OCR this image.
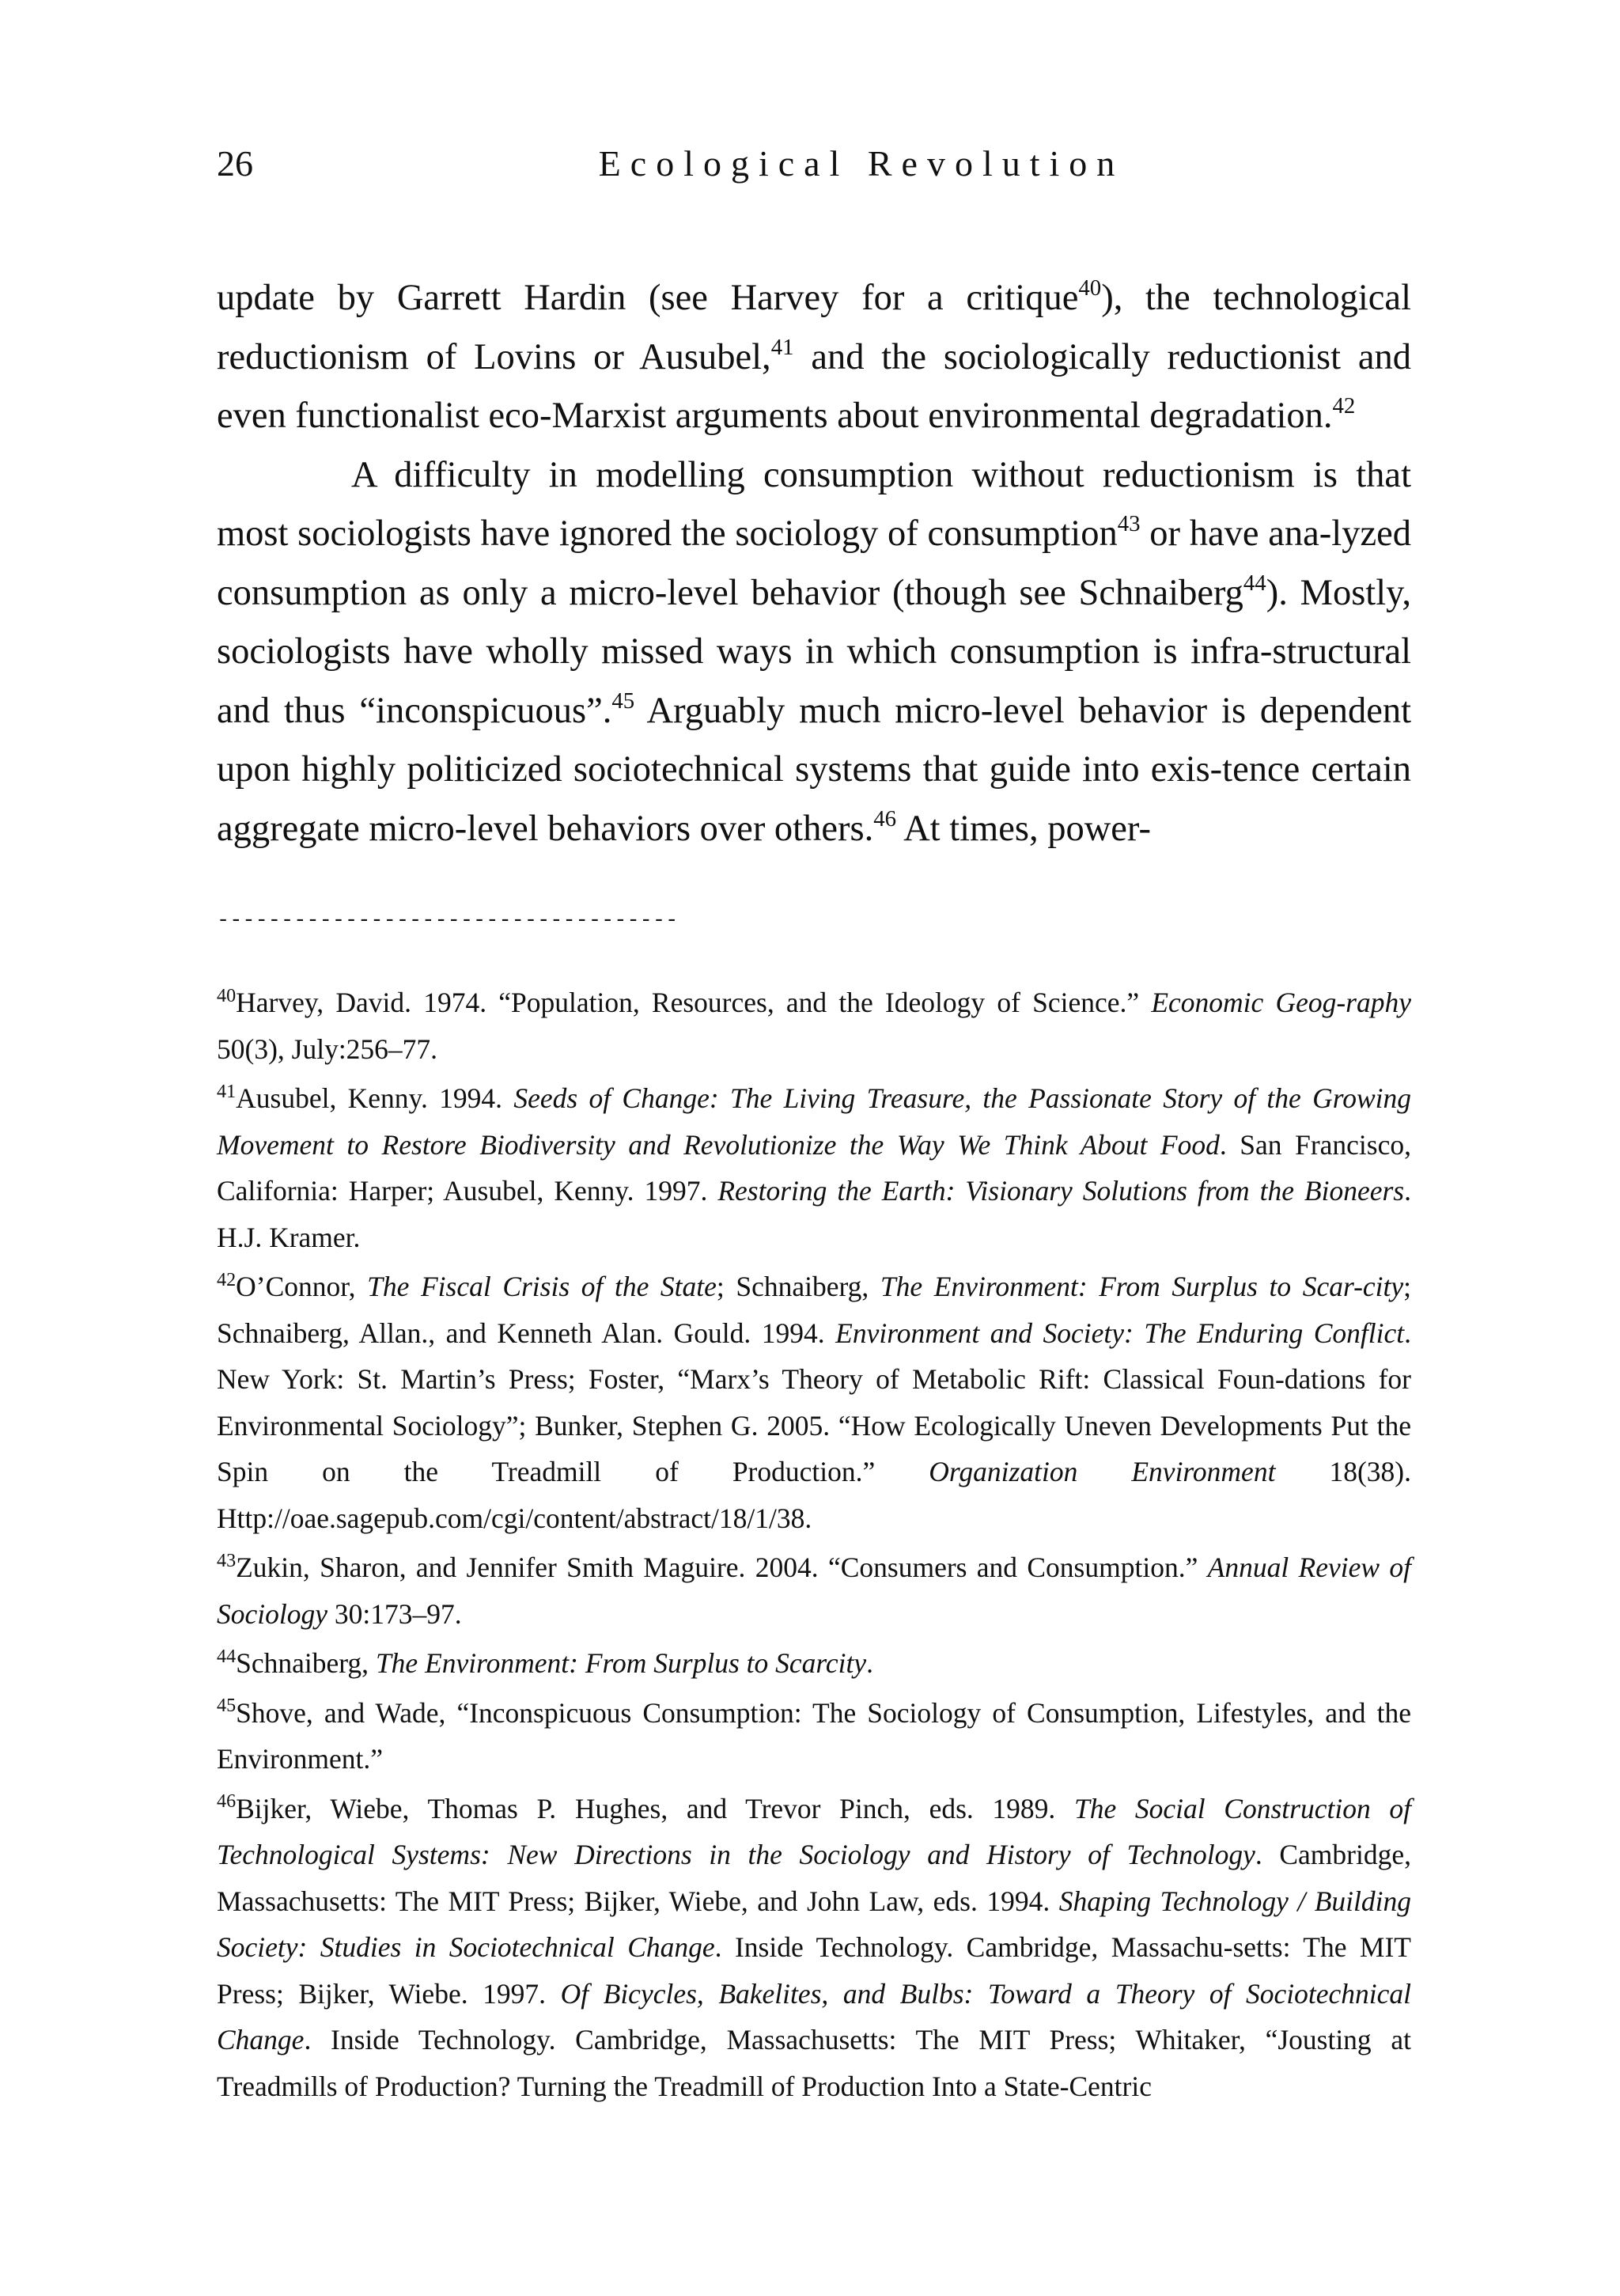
26	Ecological Revolution

update by Garrett Hardin (see Harvey for a critique$^{40}$), the technological reductionism of Lovins or Ausubel,$^{41}$ and the sociologically reductionist and even functionalist eco-Marxist arguments about environmental degradation.$^{42}$

A difficulty in modelling consumption without reductionism is that most sociologists have ignored the sociology of consumption$^{43}$ or have ana-lyzed consumption as only a micro-level behavior (though see Schnaiberg$^{44}$). Mostly, sociologists have wholly missed ways in which consumption is infra-structural and thus “inconspicuous”.$^{45}$ Arguably much micro-level behavior is dependent upon highly politicized sociotechnical systems that guide into exis-tence certain aggregate micro-level behaviors over others.$^{46}$ At times, power-

------------------------------------

$^{40}$Harvey, David. 1974. “Population, Resources, and the Ideology of Science.” Economic Geog-raphy 50(3), July:256–77.

$^{41}$Ausubel, Kenny. 1994. Seeds of Change: The Living Treasure, the Passionate Story of the Growing Movement to Restore Biodiversity and Revolutionize the Way We Think About Food. San Francisco, California: Harper; Ausubel, Kenny. 1997. Restoring the Earth: Visionary Solutions from the Bioneers. H.J. Kramer.

$^{42}$O’Connor, The Fiscal Crisis of the State; Schnaiberg, The Environment: From Surplus to Scar-city; Schnaiberg, Allan., and Kenneth Alan. Gould. 1994. Environment and Society: The Enduring Conflict. New York: St. Martin’s Press; Foster, “Marx’s Theory of Metabolic Rift: Classical Foun-dations for Environmental Sociology”; Bunker, Stephen G. 2005. “How Ecologically Uneven Developments Put the Spin on the Treadmill of Production.” Organization Environment 18(38). Http://oae.sagepub.com/cgi/content/abstract/18/1/38.

$^{43}$Zukin, Sharon, and Jennifer Smith Maguire. 2004. “Consumers and Consumption.” Annual Review of Sociology 30:173–97.

$^{44}$Schnaiberg, The Environment: From Surplus to Scarcity.

$^{45}$Shove, and Wade, “Inconspicuous Consumption: The Sociology of Consumption, Lifestyles, and the Environment.”

$^{46}$Bijker, Wiebe, Thomas P. Hughes, and Trevor Pinch, eds. 1989. The Social Construction of Technological Systems: New Directions in the Sociology and History of Technology. Cambridge, Massachusetts: The MIT Press; Bijker, Wiebe, and John Law, eds. 1994. Shaping Technology / Building Society: Studies in Sociotechnical Change. Inside Technology. Cambridge, Massachu-setts: The MIT Press; Bijker, Wiebe. 1997. Of Bicycles, Bakelites, and Bulbs: Toward a Theory of Sociotechnical Change. Inside Technology. Cambridge, Massachusetts: The MIT Press; Whitaker, “Jousting at Treadmills of Production? Turning the Treadmill of Production Into a State-Centric
